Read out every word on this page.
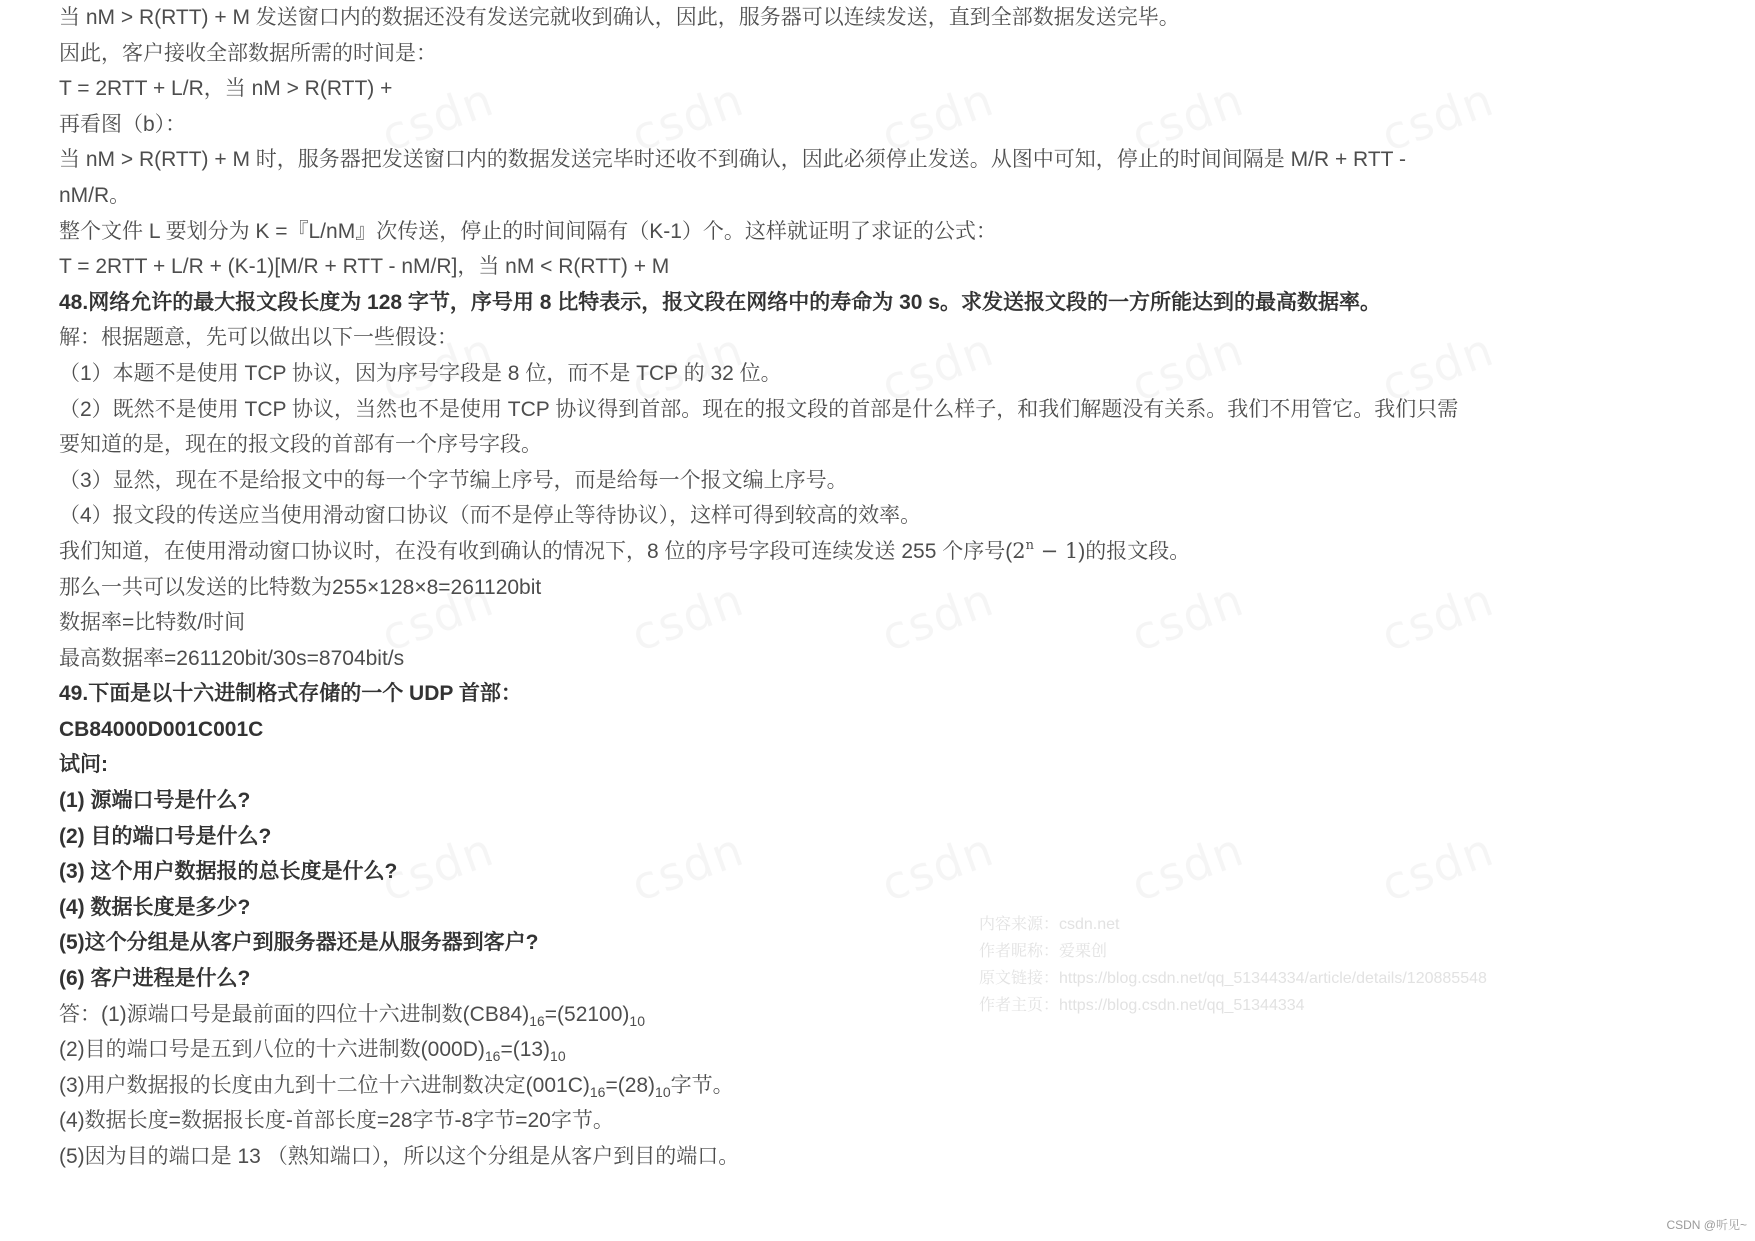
当 nM > R(RTT) + M 发送窗口内的数据还没有发送完就收到确认，因此，服务器可以连续发送，直到全部数据发送完毕。
因此，客户接收全部数据所需的时间是：
T = 2RTT + L/R，当 nM > R(RTT) +
再看图（b）：
当 nM > R(RTT) + M 时，服务器把发送窗口内的数据发送完毕时还收不到确认，因此必须停止发送。从图中可知，停止的时间间隔是 M/R + RTT -
nM/R。
整个文件 L 要划分为 K =『L/nM』次传送，停止的时间间隔有（K-1）个。这样就证明了求证的公式：
T = 2RTT + L/R + (K-1)[M/R + RTT - nM/R]，当 nM < R(RTT) + M
48.网络允许的最大报文段长度为 128 字节，序号用 8 比特表示，报文段在网络中的寿命为 30 s。求发送报文段的一方所能达到的最高数据率。
解：根据题意，先可以做出以下一些假设：
（1）本题不是使用 TCP 协议，因为序号字段是 8 位，而不是 TCP 的 32 位。
（2）既然不是使用 TCP 协议，当然也不是使用 TCP 协议得到首部。现在的报文段的首部是什么样子，和我们解题没有关系。我们不用管它。我们只需
要知道的是，现在的报文段的首部有一个序号字段。
（3）显然，现在不是给报文中的每一个字节编上序号，而是给每一个报文编上序号。
（4）报文段的传送应当使用滑动窗口协议（而不是停止等待协议），这样可得到较高的效率。
我们知道，在使用滑动窗口协议时，在没有收到确认的情况下，8 位的序号字段可连续发送 255 个序号$(2^n - 1)$的报文段。
那么一共可以发送的比特数为255×128×8=261120bit
数据率=比特数/时间
最高数据率=261120bit/30s=8704bit/s
49.下面是以十六进制格式存储的一个 UDP 首部：
CB84000D001C001C
试问:
(1) 源端口号是什么?
(2) 目的端口号是什么?
(3) 这个用户数据报的总长度是什么?
(4) 数据长度是多少?
(5)这个分组是从客户到服务器还是从服务器到客户?
(6) 客户进程是什么?
答：(1)源端口号是最前面的四位十六进制数$(CB84)_{16}=(52100)_{10}$
(2)目的端口号是五到八位的十六进制数$(000D)_{16}=(13)_{10}$
(3)用户数据报的长度由九到十二位十六进制数决定$(001C)_{16}=(28)_{10}$字节。
(4)数据长度=数据报长度-首部长度=28字节-8字节=20字节。
(5)因为目的端口是 13 （熟知端口），所以这个分组是从客户到目的端口。
内容来源：csdn.net
作者昵称：爱栗创
原文链接：https://blog.csdn.net/qq_51344334/article/details/120885548
作者主页：https://blog.csdn.net/qq_51344334
CSDN @听见~
